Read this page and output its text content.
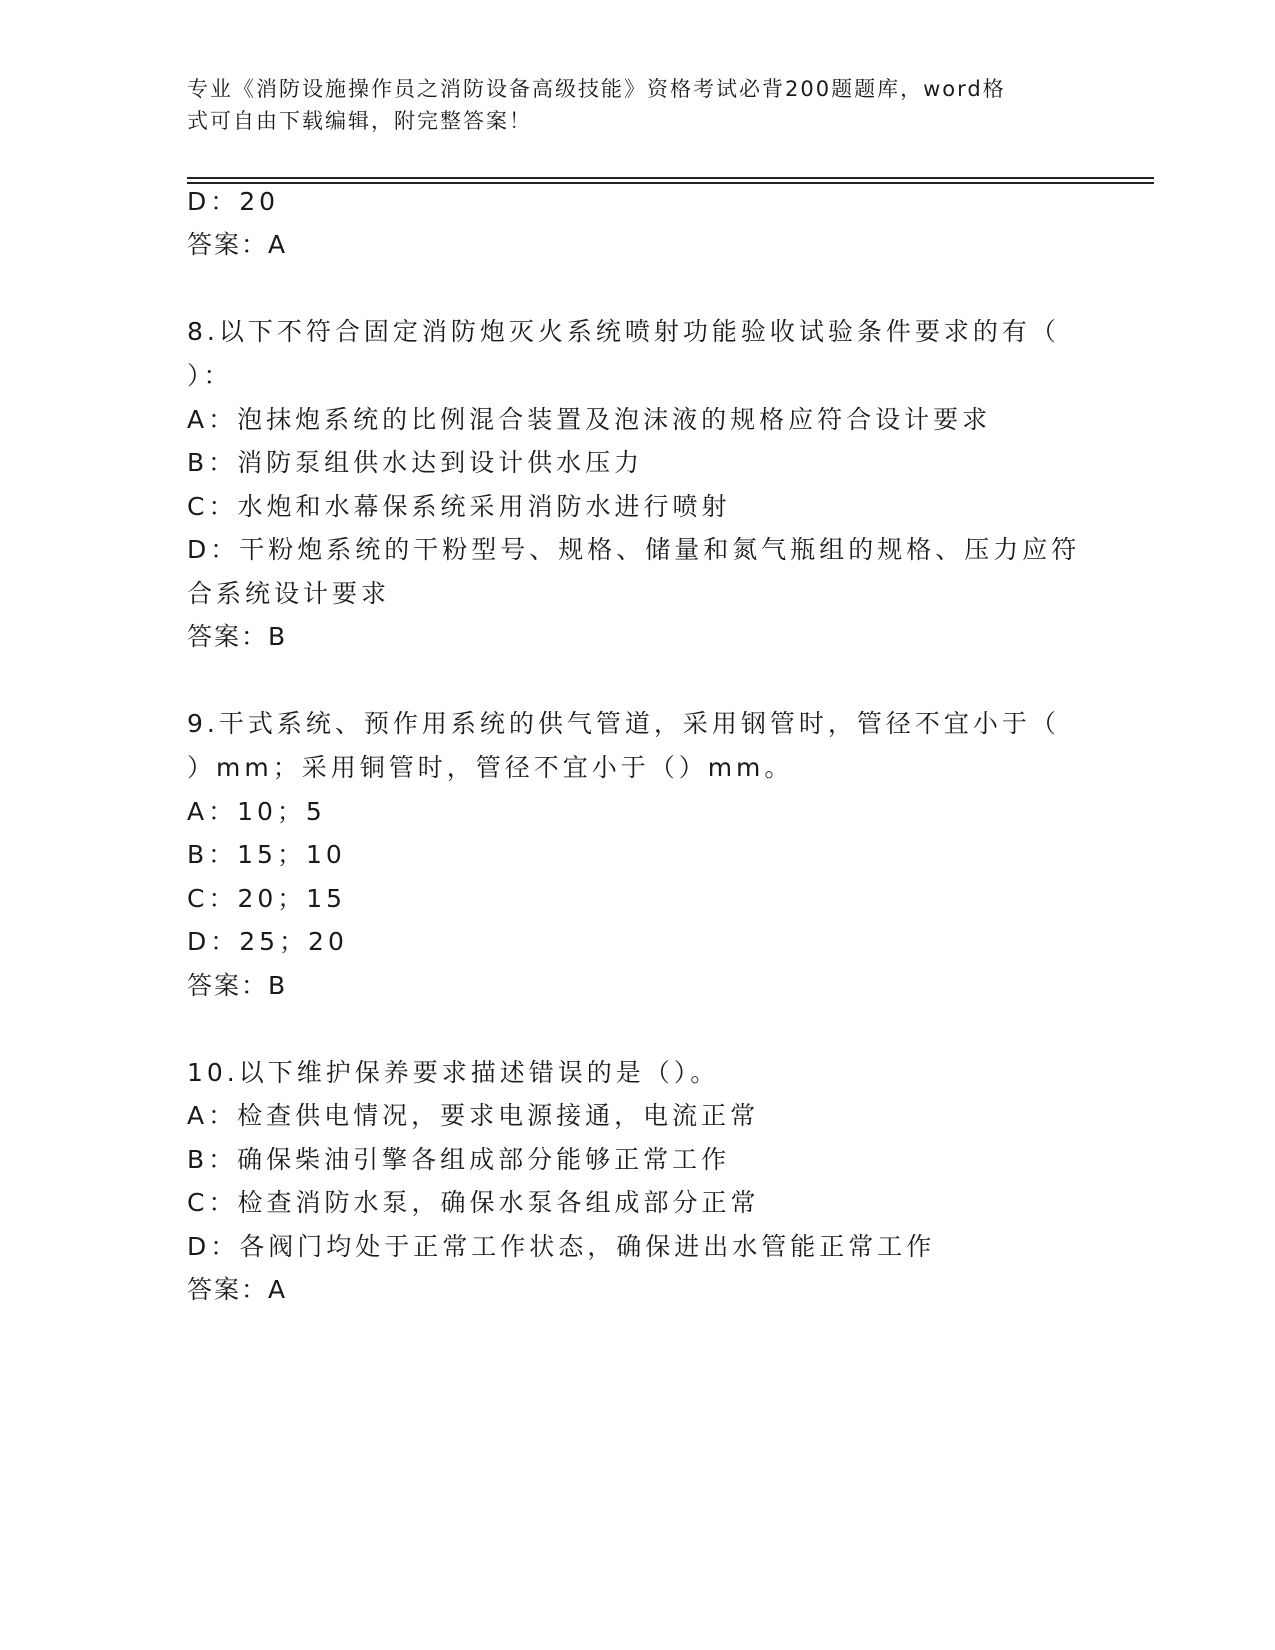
专业《消防设施操作员之消防设备高级技能》资格考试必背200题题库，word格
式可自由下载编辑，附完整答案！
D：20
答案：A
8.以下不符合固定消防炮灭火系统喷射功能验收试验条件要求的有（
）：
A：泡抹炮系统的比例混合装置及泡沫液的规格应符合设计要求
B：消防泵组供水达到设计供水压力
C：水炮和水幕保系统采用消防水进行喷射
D：干粉炮系统的干粉型号、规格、储量和氮气瓶组的规格、压力应符
合系统设计要求
答案：B
9.干式系统、预作用系统的供气管道，采用钢管时，管径不宜小于（
）mm；采用铜管时，管径不宜小于（）mm。
A：10；5
B：15；10
C：20；15
D：25；20
答案：B
10.以下维护保养要求描述错误的是（）。
A：检查供电情况，要求电源接通，电流正常
B：确保柴油引擎各组成部分能够正常工作
C：检查消防水泵，确保水泵各组成部分正常
D：各阀门均处于正常工作状态，确保进出水管能正常工作
答案：A
